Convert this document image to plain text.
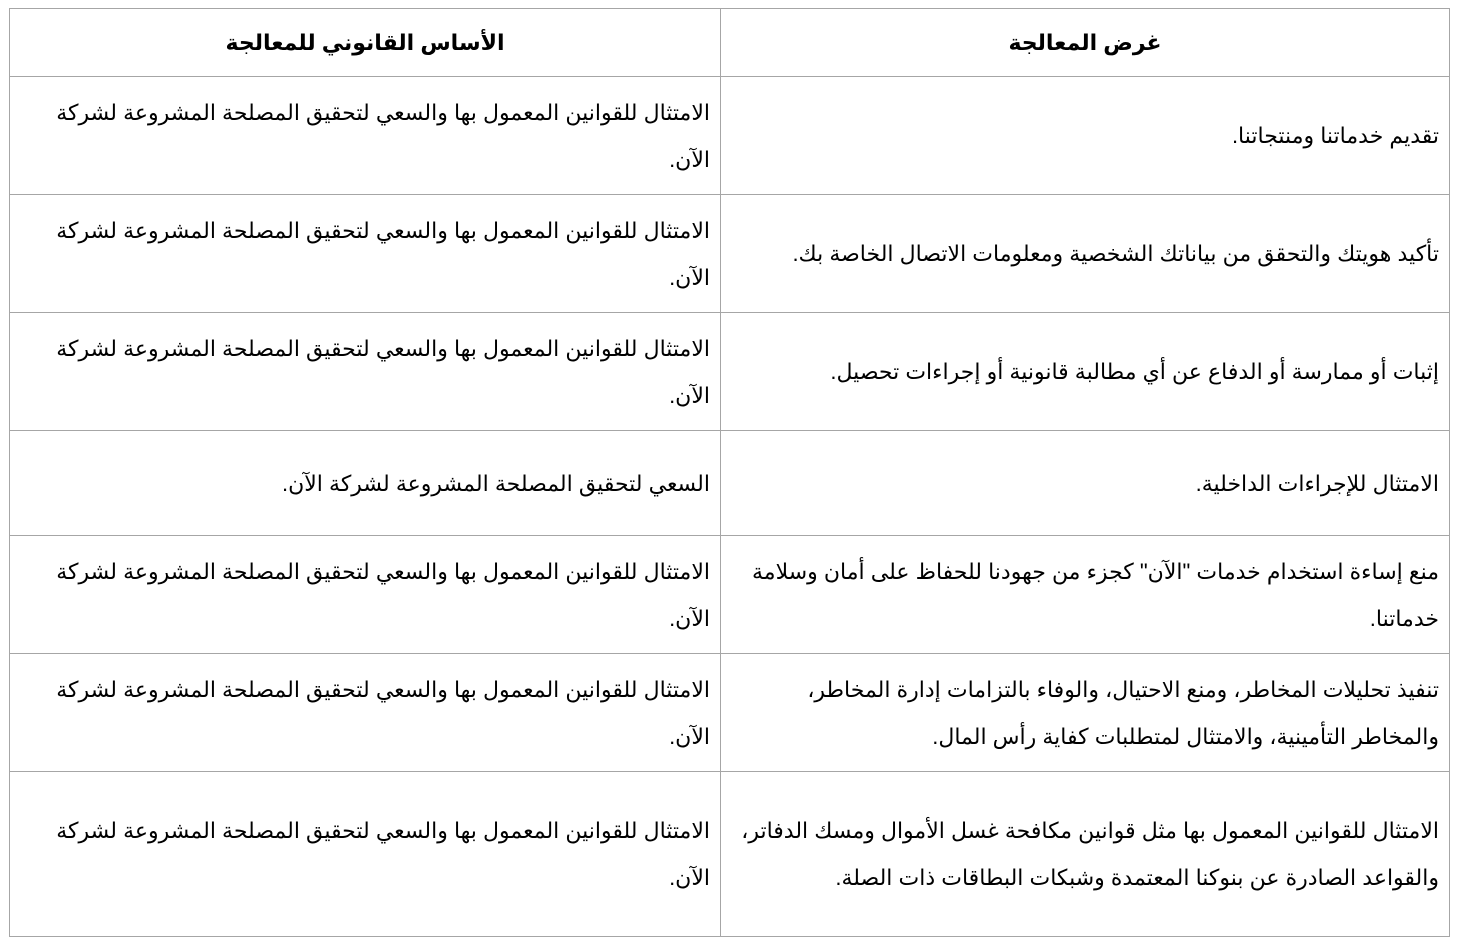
غرض المعالجة	الأساس القانوني للمعالجة
تقديم خدماتنا ومنتجاتنا.	الامتثال للقوانين المعمول بها والسعي لتحقيق المصلحة المشروعة لشركة الآن.
تأكيد هويتك والتحقق من بياناتك الشخصية ومعلومات الاتصال الخاصة بك.	الامتثال للقوانين المعمول بها والسعي لتحقيق المصلحة المشروعة لشركة الآن.
إثبات أو ممارسة أو الدفاع عن أي مطالبة قانونية أو إجراءات تحصيل.	الامتثال للقوانين المعمول بها والسعي لتحقيق المصلحة المشروعة لشركة الآن.
الامتثال للإجراءات الداخلية.	السعي لتحقيق المصلحة المشروعة لشركة الآن.
منع إساءة استخدام خدمات "الآن" كجزء من جهودنا للحفاظ على أمان وسلامة خدماتنا.	الامتثال للقوانين المعمول بها والسعي لتحقيق المصلحة المشروعة لشركة الآن.
تنفيذ تحليلات المخاطر، ومنع الاحتيال، والوفاء بالتزامات إدارة المخاطر، والمخاطر التأمينية، والامتثال لمتطلبات كفاية رأس المال.	الامتثال للقوانين المعمول بها والسعي لتحقيق المصلحة المشروعة لشركة الآن.
الامتثال للقوانين المعمول بها مثل قوانين مكافحة غسل الأموال ومسك الدفاتر، والقواعد الصادرة عن بنوكنا المعتمدة وشبكات البطاقات ذات الصلة.	الامتثال للقوانين المعمول بها والسعي لتحقيق المصلحة المشروعة لشركة الآن.
